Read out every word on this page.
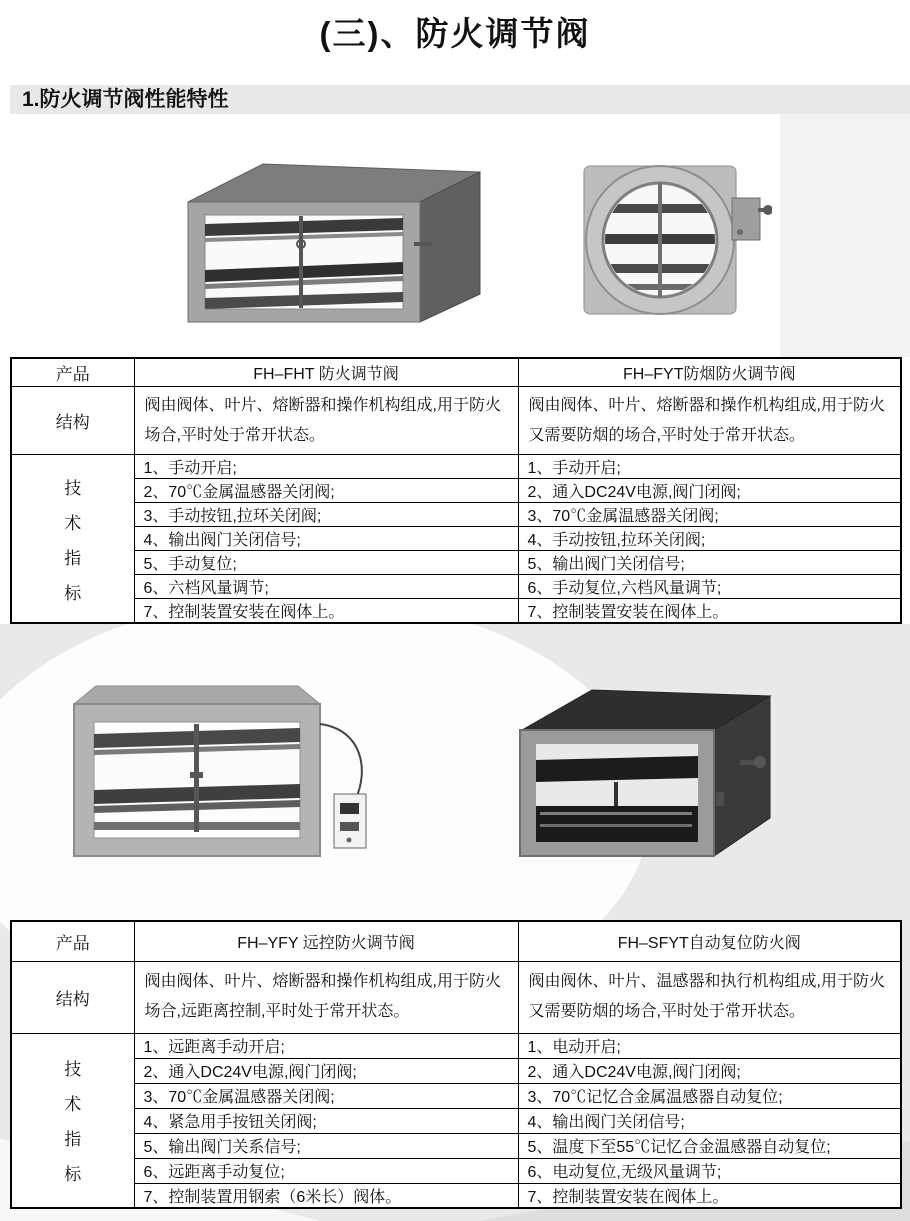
(三)、防火调节阀
1.防火调节阀性能特性
产品	FH–FHT 防火调节阀	FH–FYT防烟防火调节阀
结构	阀由阀体、叶片、熔断器和操作机构组成,用于防火场合,平时处于常开状态。	阀由阀体、叶片、熔断器和操作机构组成,用于防火又需要防烟的场合,平时处于常开状态。

技
术
指
标	1、手动开启;	1、手动开启;
	2、70℃金属温感器关闭阀;	2、通入DC24V电源,阀门闭阀;
	3、手动按钮,拉环关闭阀;	3、70℃金属温感器关闭阀;
	4、输出阀门关闭信号;	4、手动按钮,拉环关闭阀;
	5、手动复位;	5、输出阀门关闭信号;
	6、六档风量调节;	6、手动复位,六档风量调节;
	7、控制装置安装在阀体上。	7、控制装置安装在阀体上。
产品	FH–YFY 远控防火调节阀	FH–SFYT自动复位防火阀
结构	阀由阀体、叶片、熔断器和操作机构组成,用于防火场合,远距离控制,平时处于常开状态。	阀由阀休、叶片、温感器和执行机构组成,用于防火又需要防烟的场合,平时处于常开状态。

技
术
指
标	1、远距离手动开启;	1、电动开启;
	2、通入DC24V电源,阀门闭阀;	2、通入DC24V电源,阀门闭阀;
	3、70℃金属温感器关闭阀;	3、70℃记忆合金属温感器自动复位;
	4、紧急用手按钮关闭阀;	4、输出阀门关闭信号;
	5、输出阀门关系信号;	5、温度下至55℃记忆合金温感器自动复位;
	6、远距离手动复位;	6、电动复位,无级风量调节;
	7、控制装置用钢索（6米长）阀体。	7、控制装置安装在阀体上。
